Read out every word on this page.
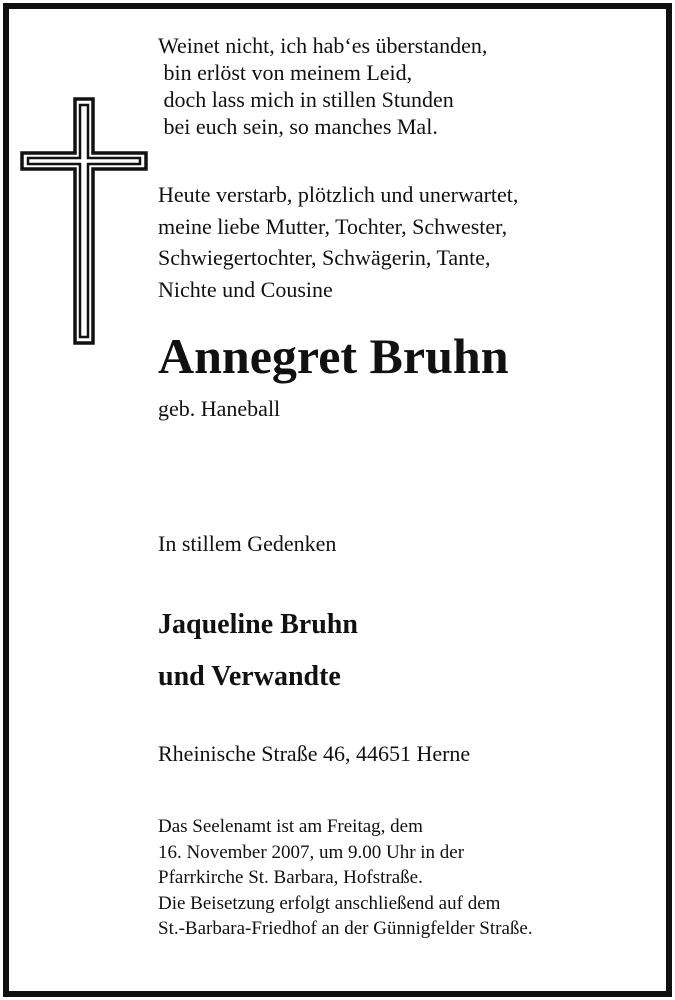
Weinet nicht, ich hab‘es überstanden,
bin erlöst von meinem Leid,
doch lass mich in stillen Stunden
bei euch sein, so manches Mal.
Heute verstarb, plötzlich und unerwartet,
meine liebe Mutter, Tochter, Schwester,
Schwiegertochter, Schwägerin, Tante,
Nichte und Cousine
Annegret Bruhn
geb. Haneball
In stillem Gedenken
Jaqueline Bruhn
und Verwandte
Rheinische Straße 46, 44651 Herne
Das Seelenamt ist am Freitag, dem
16. November 2007, um 9.00 Uhr in der
Pfarrkirche St. Barbara, Hofstraße.
Die Beisetzung erfolgt anschließend auf dem
St.-Barbara-Friedhof an der Günnigfelder Straße.
